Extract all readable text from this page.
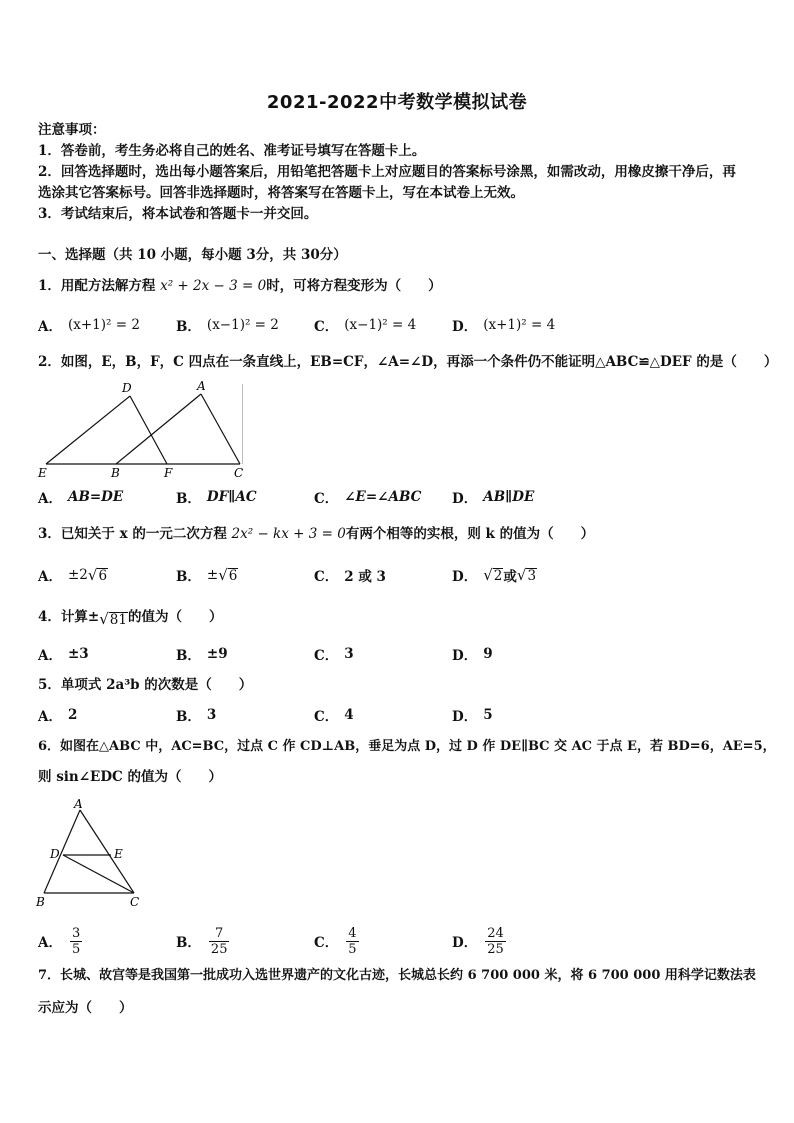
2021-2022中考数学模拟试卷
注意事项：
1．答卷前，考生务必将自己的姓名、准考证号填写在答题卡上。
2．回答选择题时，选出每小题答案后，用铅笔把答题卡上对应题目的答案标号涂黑，如需改动，用橡皮擦干净后，再
选涂其它答案标号。回答非选择题时，将答案写在答题卡上，写在本试卷上无效。
3．考试结束后，将本试卷和答题卡一并交回。
一、选择题（共 10 小题，每小题 3分，共 30分）
1．用配方法解方程 x² + 2x − 3 = 0时，可将方程变形为（　　）
A． (x+1)² = 2	B． (x−1)² = 2	C． (x−1)² = 4	D． (x+1)² = 4
2．如图，E，B，F，C 四点在一条直线上，EB=CF，∠A=∠D，再添一个条件仍不能证明△ABC≌△DEF 的是（　　）
D	A
E	B	F	C
A． AB=DE	B． DF∥AC	C． ∠E=∠ABC D． AB∥DE
3．已知关于 x 的一元二次方程 2x² − kx + 3 = 0有两个相等的实根，则 k 的值为（　　）
A． ±2 √ 6	B． ± √ 6	C． 2 或 3	D． √ 2 或 √ 3
4．计算± √ 81 的值为（　　）
A． ±3	B． ±9	C． 3	D． 9
5．单项式 2a³b 的次数是（　　）
A． 2	B． 3	C． 4	D． 5
6．如图在△ABC 中，AC=BC，过点 C 作 CD⊥AB，垂足为点 D，过 D 作 DE∥BC 交 AC 于点 E，若 BD=6，AE=5，
则 sin∠EDC 的值为（　　）
A
D	E
B	C
A． $\frac{3}{5}$	B． $\frac{7}{25}$	C． $\frac{4}{5}$	D． $\frac{24}{25}$
7．长城、故宫等是我国第一批成功入选世界遗产的文化古迹，长城总长约 6 700 000 米，将 6 700 000 用科学记数法表
示应为（　　）
